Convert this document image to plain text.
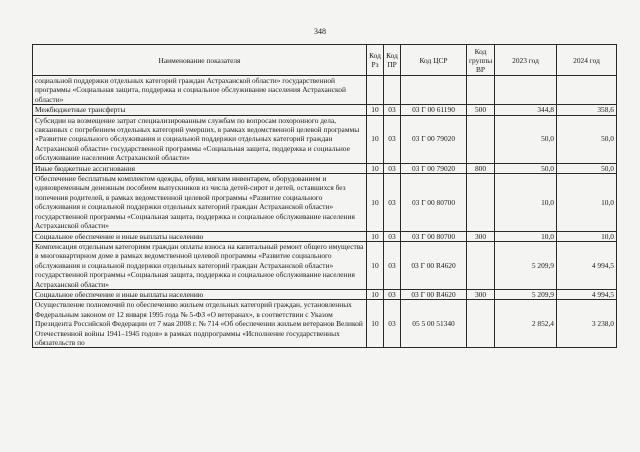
348
Наименование показателя	Код Рз	Код ПР	Код ЦСР	Код группы ВР	2023 год	2024 год
социальной поддержки отдельных категорий граждан Астраханской области» государственной программы «Социальная защита, поддержка и социальное обслуживание населения Астраханской области»						
Межбюджетные трансферты	10	03	03 Г 00 61190	500	344,8	358,6
Субсидии на возмещение затрат специализированным службам по вопросам похоронного дела, связанных с погребением отдельных категорий умерших, в рамках ведомственной целевой программы «Развитие социального обслуживания и социальной поддержки отдельных категорий граждан Астраханской области» государственной программы «Социальная защита, поддержка и социальное обслуживание населения Астраханской области»	10	03	03 Г 00 79020		50,0	50,0
Иные бюджетные ассигнования	10	03	03 Г 00 79020	800	50,0	50,0
Обеспечение бесплатным комплектом одежды, обуви, мягким инвентарем, оборудованием и единовременным денежным пособием выпускников из числа детей-сирот и детей, оставшихся без попечения родителей, в рамках ведомственной целевой программы «Развитие социального обслуживания и социальной поддержки отдельных категорий граждан Астраханской области» государственной программы «Социальная защита, поддержка и социальное обслуживание населения Астраханской области»	10	03	03 Г 00 80700		10,0	10,0
Социальное обеспечение и иные выплаты населению	10	03	03 Г 00 80700	300	10,0	10,0
Компенсация отдельным категориям граждан оплаты взноса на капитальный ремонт общего имущества в многоквартирном доме в рамках ведомственной целевой программы «Развитие социального обслуживания и социальной поддержки отдельных категорий граждан Астраханской области» государственной программы «Социальная защита, поддержка и социальное обслуживание населения Астраханской области»	10	03	03 Г 00 R4620		5 209,9	4 994,5
Социальное обеспечение и иные выплаты населению	10	03	03 Г 00 R4620	300	5 209,9	4 994,5
Осуществление полномочий по обеспечению жильем отдельных категорий граждан, установленных Федеральным законом от 12 января 1995 года № 5-ФЗ «О ветеранах», в соответствии с Указом Президента Российской Федерации от 7 мая 2008 г. № 714 «Об обеспечении жильем ветеранов Великой Отечественной войны 1941–1945 годов» в рамках подпрограммы «Исполнение государственных обязательств по	10	03	05 5 00 51340		2 852,4	3 238,0
